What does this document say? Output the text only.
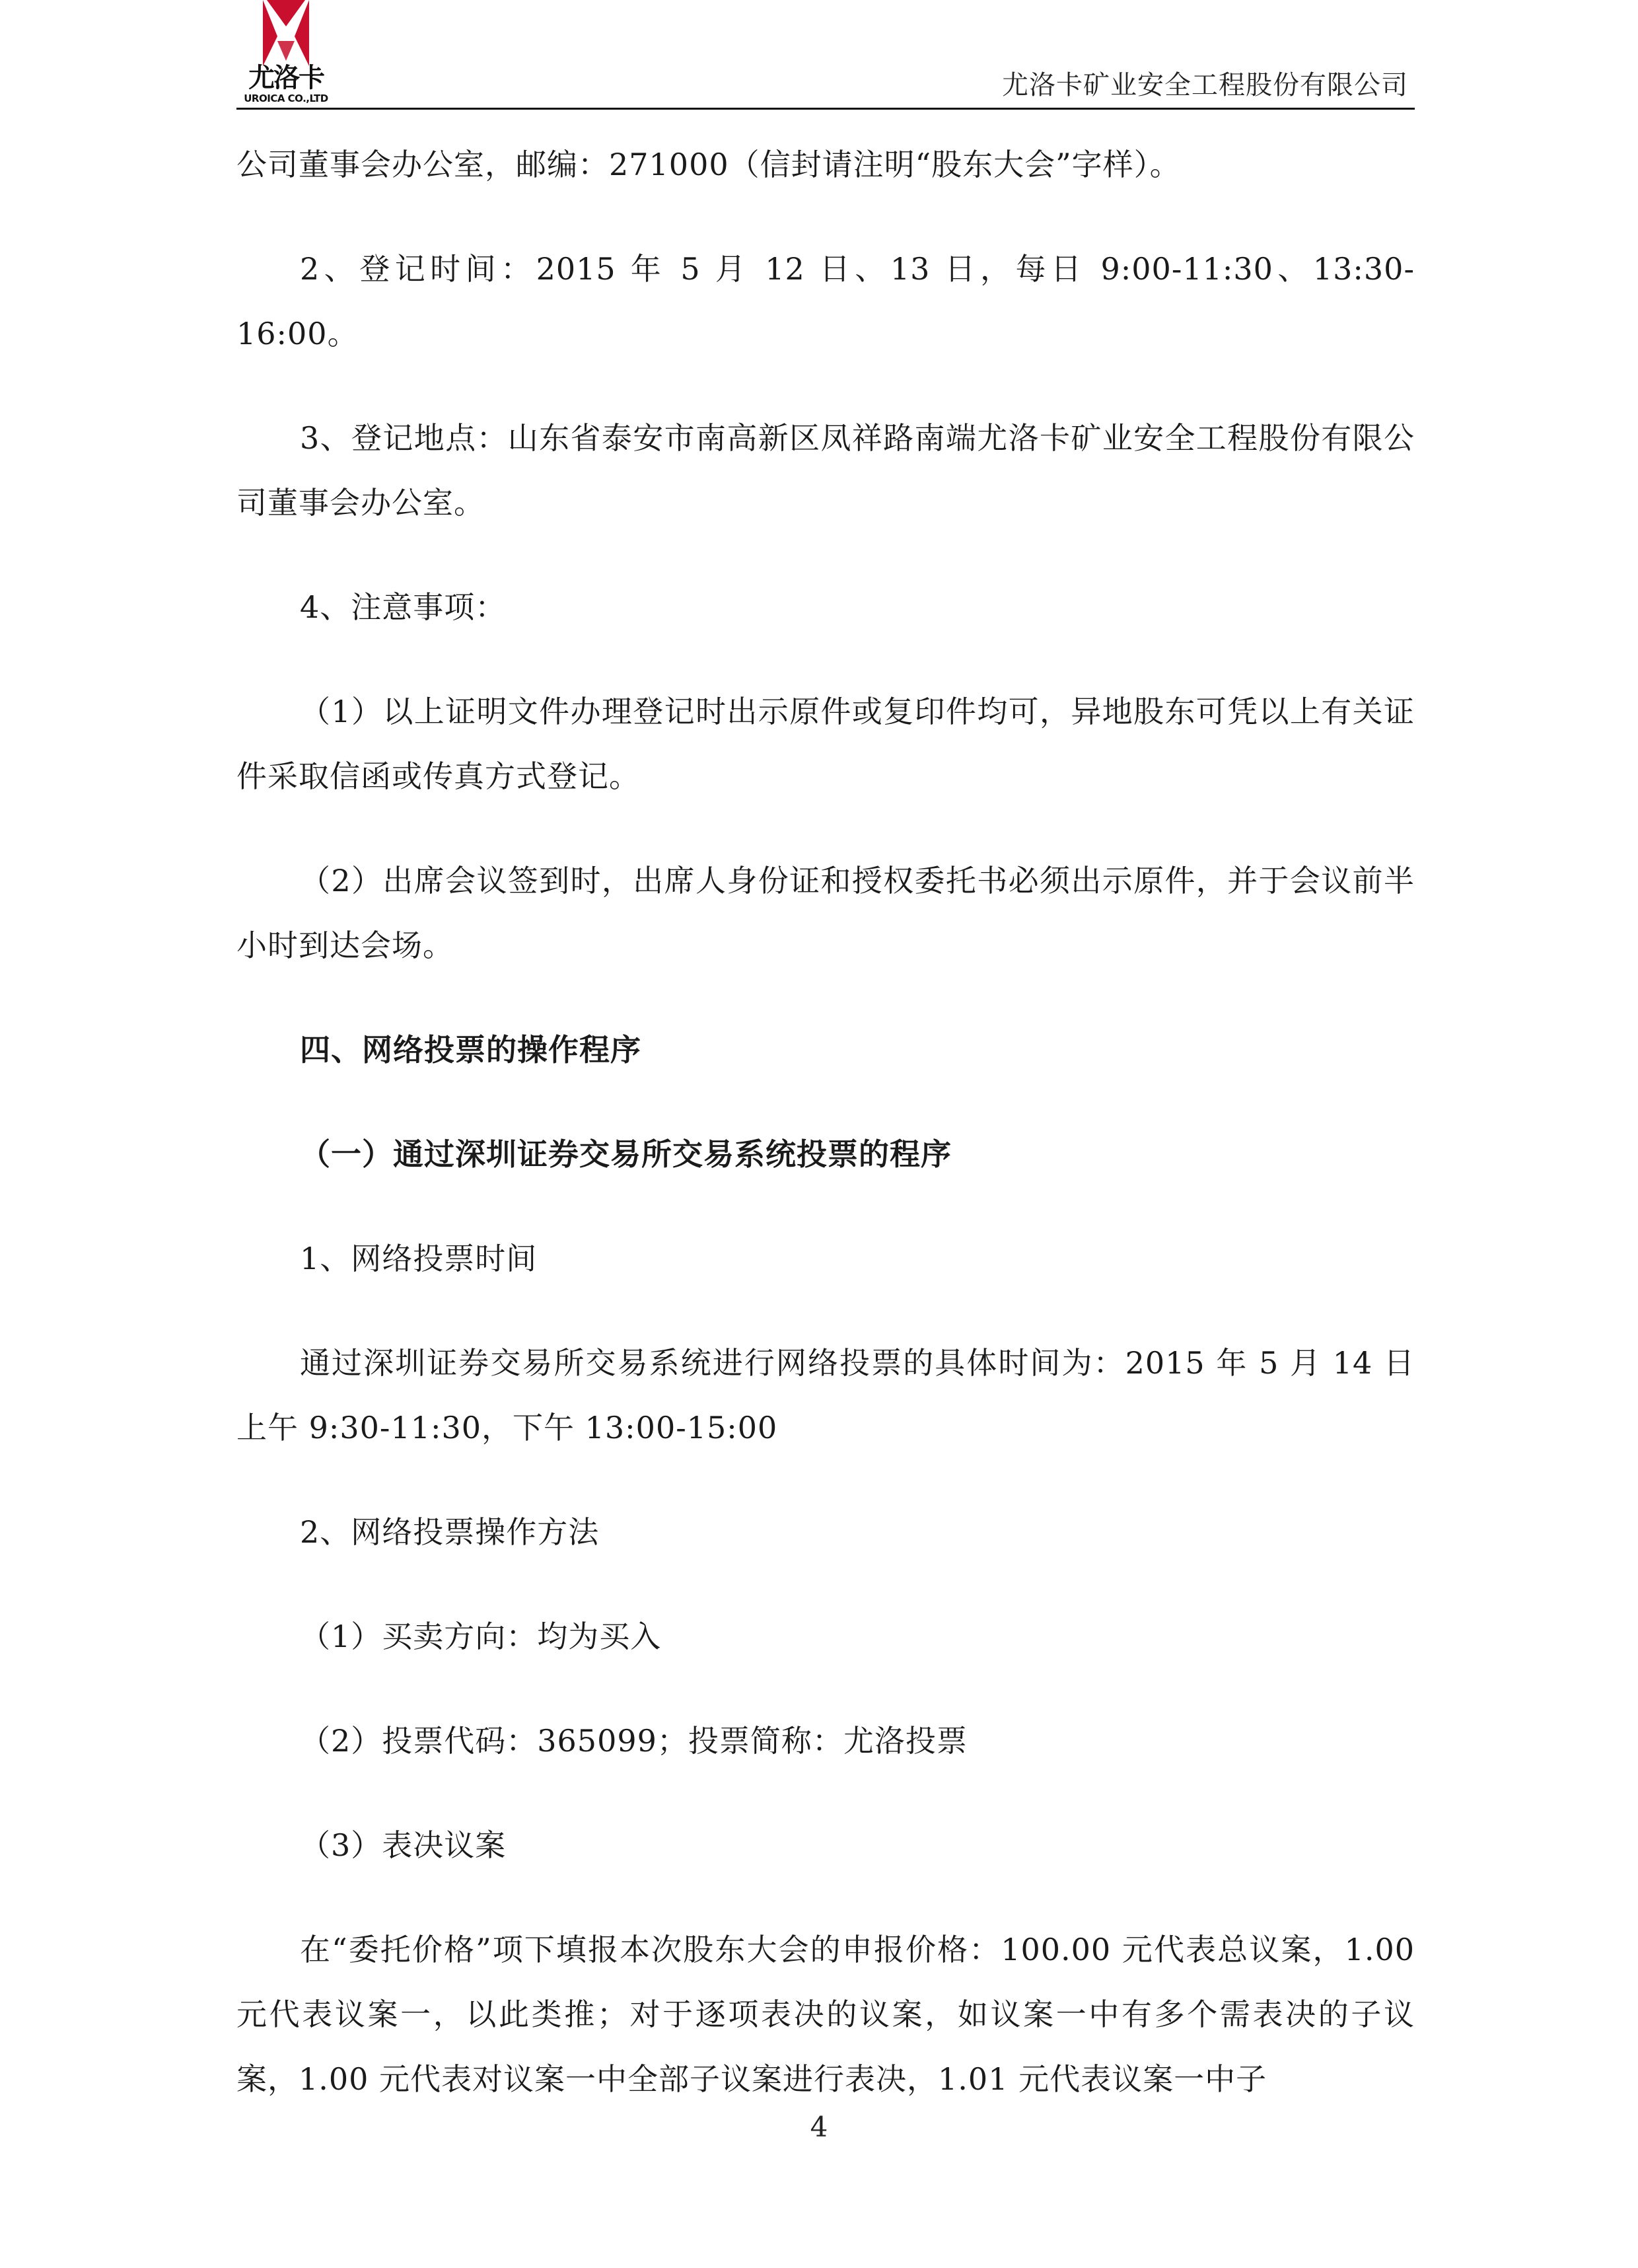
尤洛卡
UROICA CO.,LTD	尤洛卡矿业安全工程股份有限公司

公司董事会办公室，邮编：271000（信封请注明“股东大会”字样）。

2、登记时间：2015 年 5 月 12 日、13 日，每日 9:00-11:30、13:30-16:00。

3、登记地点：山东省泰安市南高新区凤祥路南端尤洛卡矿业安全工程股份有限公司董事会办公室。

4、注意事项：

（1）以上证明文件办理登记时出示原件或复印件均可，异地股东可凭以上有关证件采取信函或传真方式登记。

（2）出席会议签到时，出席人身份证和授权委托书必须出示原件，并于会议前半小时到达会场。

四、网络投票的操作程序

（一）通过深圳证券交易所交易系统投票的程序

1、网络投票时间

通过深圳证券交易所交易系统进行网络投票的具体时间为：2015 年 5 月 14 日上午 9:30-11:30，下午 13:00-15:00

2、网络投票操作方法

（1）买卖方向：均为买入

（2）投票代码：365099；投票简称：尤洛投票

（3）表决议案

在“委托价格”项下填报本次股东大会的申报价格：100.00 元代表总议案，1.00 元代表议案一，以此类推；对于逐项表决的议案，如议案一中有多个需表决的子议案，1.00 元代表对议案一中全部子议案进行表决，1.01 元代表议案一中子

4
